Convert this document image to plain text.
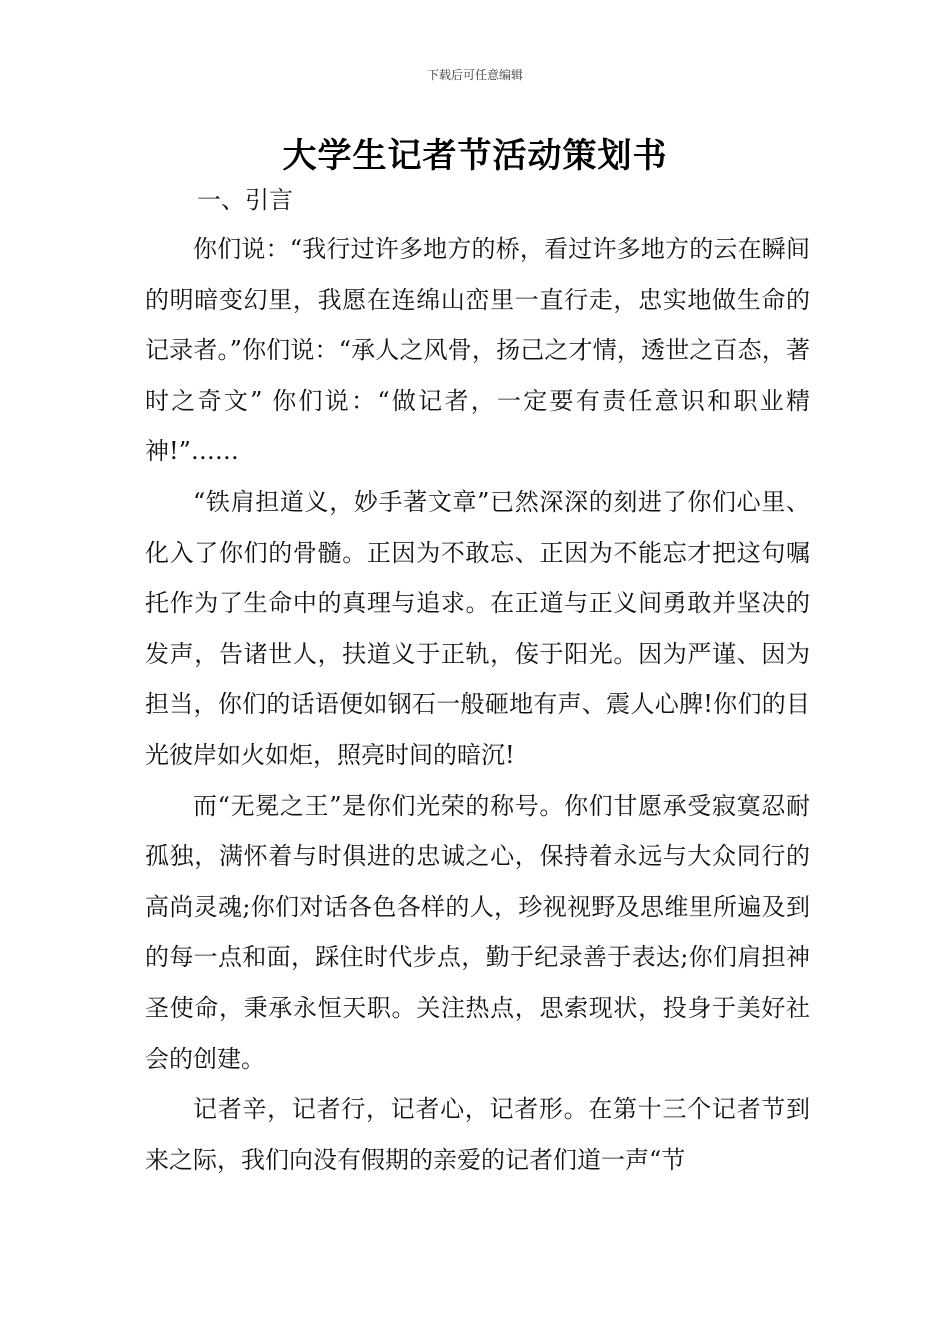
下载后可任意编辑
大学生记者节活动策划书
一、引言

你们说：“我行过许多地方的桥，看过许多地方的云在瞬间的明暗变幻里，我愿在连绵山峦里一直行走，忠实地做生命的记录者。”你们说：“承人之风骨，扬己之才情，透世之百态，著时之奇文” 你们说：“做记者，一定要有责任意识和职业精神!”……

“铁肩担道义，妙手著文章”已然深深的刻进了你们心里、化入了你们的骨髓。正因为不敢忘、正因为不能忘才把这句嘱托作为了生命中的真理与追求。在正道与正义间勇敢并坚决的发声，告诸世人，扶道义于正轨，侫于阳光。因为严谨、因为担当，你们的话语便如钢石一般砸地有声、震人心脾!你们的目光彼岸如火如炬，照亮时间的暗沉!

而“无冕之王”是你们光荣的称号。你们甘愿承受寂寞忍耐孤独，满怀着与时俱进的忠诚之心，保持着永远与大众同行的高尚灵魂;你们对话各色各样的人，珍视视野及思维里所遍及到的每一点和面，踩住时代步点，勤于纪录善于表达;你们肩担神圣使命，秉承永恒天职。关注热点，思索现状，投身于美好社会的创建。

记者辛，记者行，记者心，记者形。在第十三个记者节到来之际，我们向没有假期的亲爱的记者们道一声“节
